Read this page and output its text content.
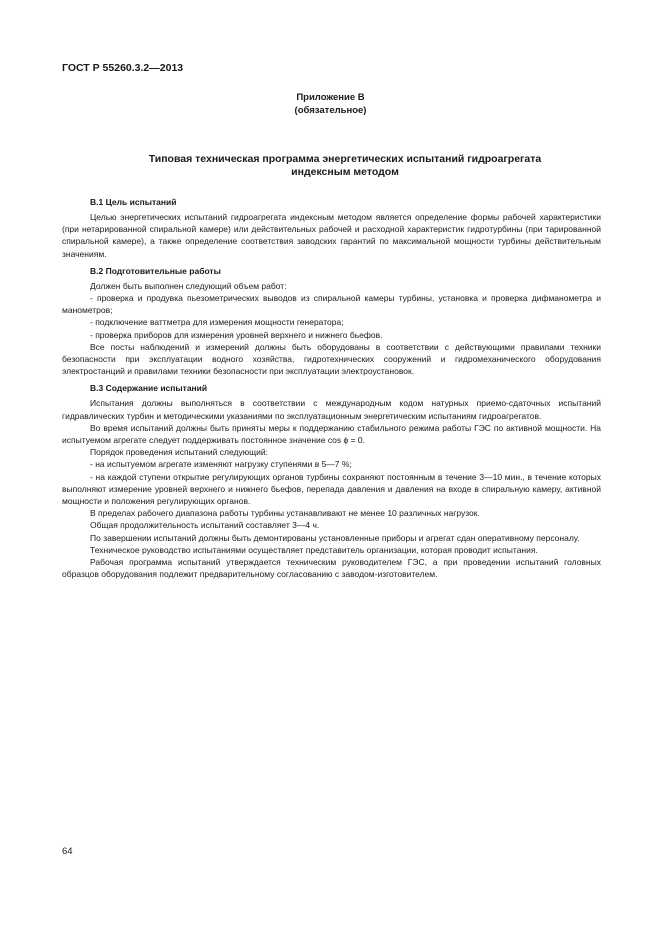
ГОСТ Р 55260.3.2—2013
Приложение В
(обязательное)
Типовая техническая программа энергетических испытаний гидроагрегата
индексным методом
В.1 Цель испытаний

Целью энергетических испытаний гидроагрегата индексным методом является определение формы рабочей характеристики (при нетарированной спиральной камере) или действительных рабочей и расходной характеристик гидротурбины (при тарированной спиральной камере), а также определение соответствия заводских гарантий по максимальной мощности турбины действительным значениям.

В.2 Подготовительные работы

Должен быть выполнен следующий объем работ:

- проверка и продувка пьезометрических выводов из спиральной камеры турбины, установка и проверка дифманометра и манометров;

- подключение ваттметра для измерения мощности генератора;

- проверка приборов для измерения уровней верхнего и нижнего бьефов.

Все посты наблюдений и измерений должны быть оборудованы в соответствии с действующими правилами техники безопасности при эксплуатации водного хозяйства, гидротехнических сооружений и гидромеханического оборудования электростанций и правилами техники безопасности при эксплуатации электроустановок.

В.3 Содержание испытаний

Испытания должны выполняться в соответствии с международным кодом натурных приемо-сдаточных испытаний гидравлических турбин и методическими указаниями по эксплуатационным энергетическим испытаниям гидроагрегатов.

Во время испытаний должны быть приняты меры к поддержанию стабильного режима работы ГЭС по активной мощности. На испытуемом агрегате следует поддерживать постоянное значение cos ϕ = 0.

Порядок проведения испытаний следующий:

- на испытуемом агрегате изменяют нагрузку ступенями в 5—7 %;

- на каждой ступени открытие регулирующих органов турбины сохраняют постоянным в течение 3—10 мин., в течение которых выполняют измерение уровней верхнего и нижнего бьефов, перепада давления и давления на входе в спиральную камеру, активной мощности и положения регулирующих органов.

В пределах рабочего диапазона работы турбины устанавливают не менее 10 различных нагрузок.

Общая продолжительность испытаний составляет 3—4 ч.

По завершении испытаний должны быть демонтированы установленные приборы и агрегат сдан оперативному персоналу.

Техническое руководство испытаниями осуществляет представитель организации, которая проводит испытания.

Рабочая программа испытаний утверждается техническим руководителем ГЭС, а при проведении испытаний головных образцов оборудования подлежит предварительному согласованию с заводом-изготовителем.

64
